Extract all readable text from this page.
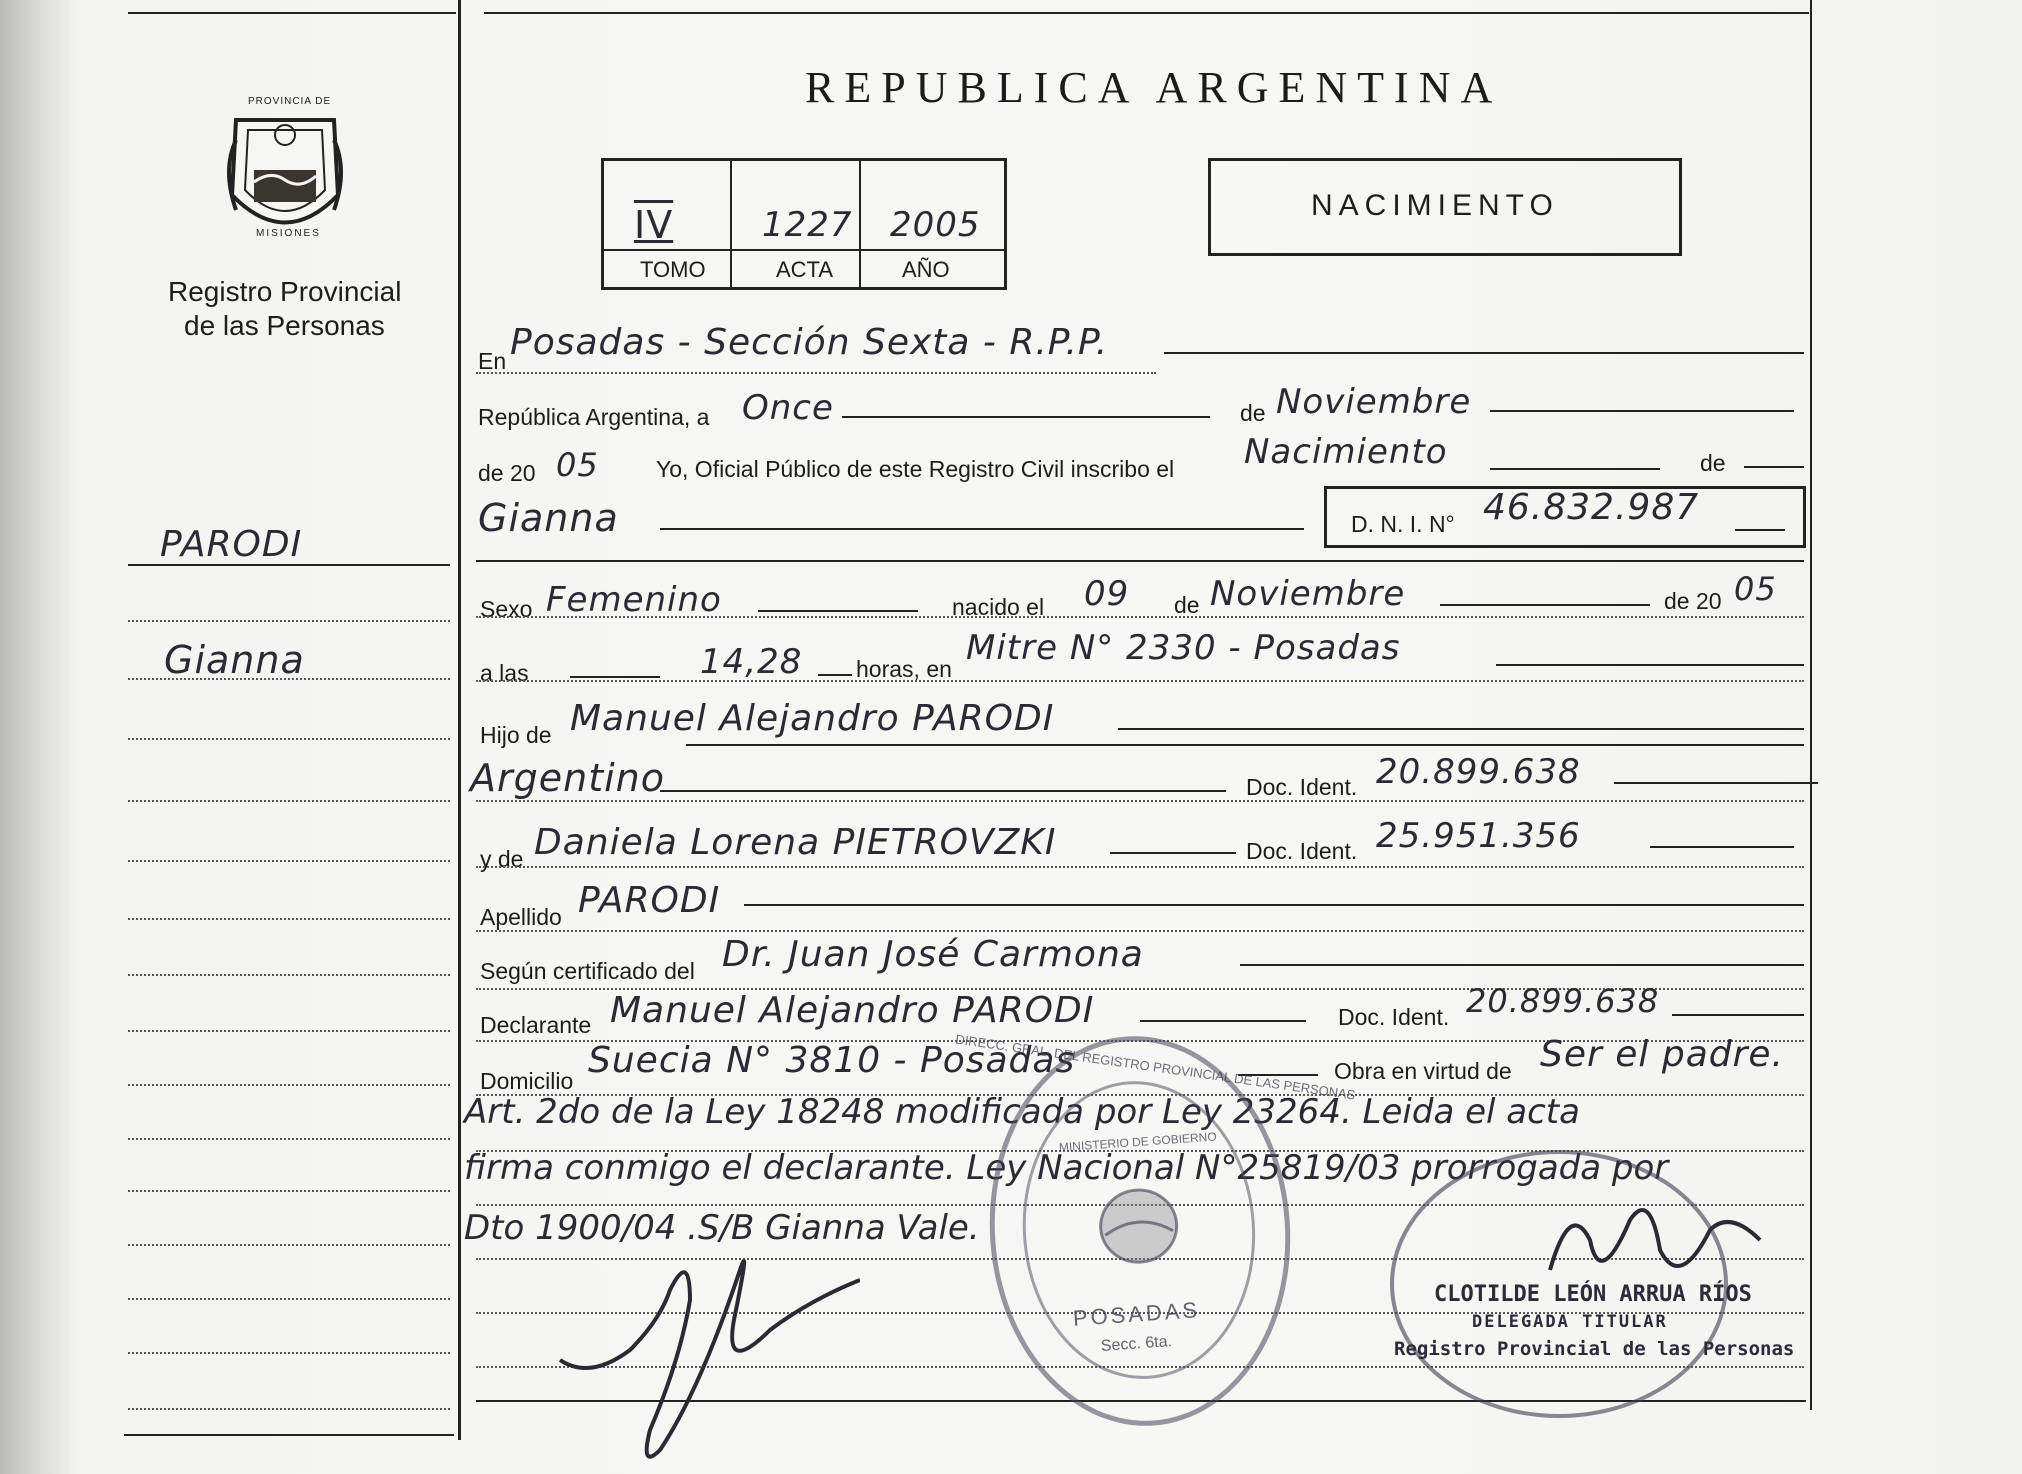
PROVINCIA DE
MISIONES
Registro Provincial
de las Personas
PARODI
Gianna
REPUBLICA ARGENTINA
IV	1227 2005
TOMO	ACTA	AÑO
NACIMIENTO
En Posadas - Sección Sexta - R.P.P.
República Argentina, a Once	de Noviembre
de 20 05 Yo, Oficial Público de este Registro Civil inscribo el Nacimiento	de
Gianna	D. N. I. N° 46.832.987
Sexo Femenino	nacido el 09 de Noviembre	de 20 05
a las	14,28 horas, en
Mitre N° 2330 - Posadas
Hijo de Manuel Alejandro PARODI
Argentino	Doc. Ident. 20.899.638
y de Daniela Lorena PIETROVZKI	Doc. Ident. 25.951.356
Apellido PARODI
Según certificado del Dr. Juan José Carmona
Declarante Manuel Alejandro PARODI	Doc. Ident. 20.899.638
Domicilio Suecia N° 3810 - Posadas	Obra en virtud de Ser el padre.
Art. 2do de la Ley 18248 modificada por Ley 23264. Leida el acta
firma conmigo el declarante. Ley Nacional N°25819/03 prorrogada por
Dto 1900/04 .S/B Gianna Vale.
DIRECC. GRAL. DEL REGISTRO PROVINCIAL DE LAS PERSONAS
MINISTERIO DE GOBIERNO
POSADAS
Secc. 6ta.
CLOTILDE LEÓN ARRUA RÍOS
DELEGADA TITULAR
Registro Provincial de las Personas
